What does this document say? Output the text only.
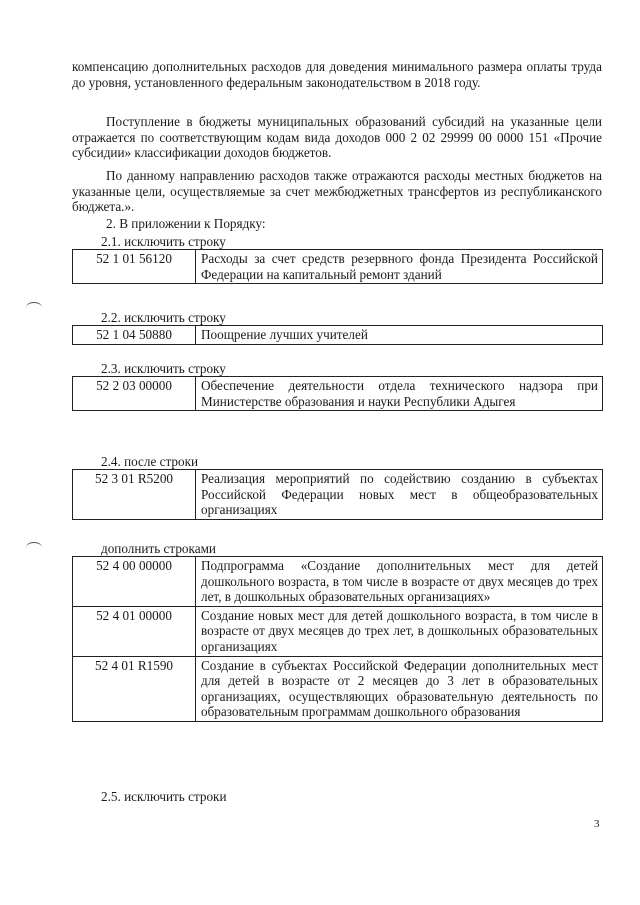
компенсацию дополнительных расходов для доведения минимального размера оплаты труда до уровня, установленного федеральным законодательством в 2018 году.

Поступление в бюджеты муниципальных образований субсидий на указанные цели отражается по соответствующим кодам вида доходов 000 2 02 29999 00 0000 151 «Прочие субсидии» классификации доходов бюджетов.

По данному направлению расходов также отражаются расходы местных бюджетов на указанные цели, осуществляемые за счет межбюджетных трансфертов из республиканского бюджета.».

2. В приложении к Порядку:

2.1. исключить строку

52 1 01 56120	Расходы за счет средств резервного фонда Президента Российской Федерации на капитальный ремонт зданий

2.2. исключить строку

52 1 04 50880	Поощрение лучших учителей

2.3. исключить строку

52 2 03 00000	Обеспечение деятельности отдела технического надзора при Министерстве образования и науки Республики Адыгея

2.4. после строки

52 3 01 R5200	Реализация мероприятий по содействию созданию в субъектах Российской Федерации новых мест в общеобразовательных организациях

дополнить строками

52 4 00 00000	Подпрограмма «Создание дополнительных мест для детей дошкольного возраста, в том числе в возрасте от двух месяцев до трех лет, в дошкольных образовательных организациях»
52 4 01 00000	Создание новых мест для детей дошкольного возраста, в том числе в возрасте от двух месяцев до трех лет, в дошкольных образовательных организациях
52 4 01 R1590	Создание в субъектах Российской Федерации дополнительных мест для детей в возрасте от 2 месяцев до 3 лет в образовательных организациях, осуществляющих образовательную деятельность по образовательным программам дошкольного образования

2.5. исключить строки

3
